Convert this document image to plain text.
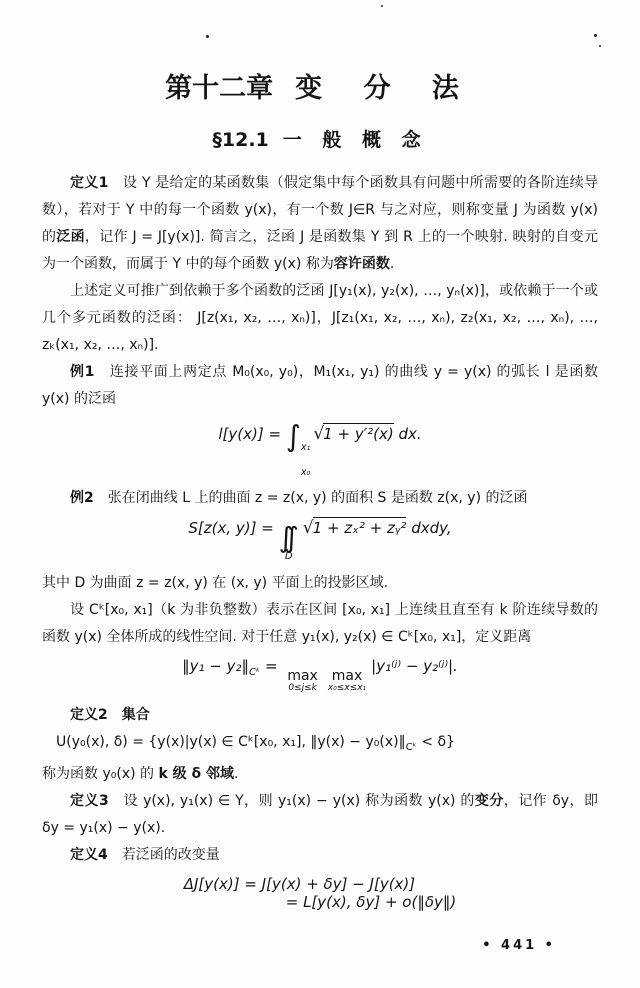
第十二章 变 分 法
§12.1 一 般 概 念

定义1　设 Y 是给定的某函数集（假定集中每个函数具有问题中所需要的各阶连续导数），若对于 Y 中的每一个函数 y(x)，有一个数 J∈R 与之对应，则称变量 J 为函数 y(x) 的泛函，记作 J = J[y(x)]. 简言之，泛函 J 是函数集 Y 到 R 上的一个映射. 映射的自变元为一个函数，而属于 Y 中的每个函数 y(x) 称为容许函数.

上述定义可推广到依赖于多个函数的泛函 J[y₁(x), y₂(x), …, yₙ(x)]，或依赖于一个或几个多元函数的泛函： J[z(x₁, x₂, …, xₙ)]，J[z₁(x₁, x₂, …, xₙ), z₂(x₁, x₂, …, xₙ), …, zₖ(x₁, x₂, …, xₙ)].

例1　连接平面上两定点 M₀(x₀, y₀)，M₁(x₁, y₁) 的曲线 y = y(x) 的弧长 l 是函数 y(x) 的泛函

l[y(x)] = ∫ x₁
x₀
√1 + y′²(x) dx.

例2　张在闭曲线 L 上的曲面 z = z(x, y) 的面积 S 是函数 z(x, y) 的泛函

S[z(x, y)] = ∫∫
D
√1 + zₓ² + zᵧ² dxdy,

其中 D 为曲面 z = z(x, y) 在 (x, y) 平面上的投影区域.

设 Cᵏ[x₀, x₁]（k 为非负整数）表示在区间 [x₀, x₁] 上连续且直至有 k 阶连续导数的函数 y(x) 全体所成的线性空间. 对于任意 y₁(x), y₂(x) ∈ Cᵏ[x₀, x₁]，定义距离

‖y₁ − $y_2‖_{Cᵏ}$ =
max
0≤j≤k
max
x₀≤x≤x₁
|y₁⁽ʲ⁾ − y₂⁽ʲ⁾|.

定义2 集合

U(y₀(x), δ) = {y(x)|y(x) ∈ Cᵏ[x₀, x₁], ‖y(x) − $y_0(x)‖_{Cᵏ} < \delta$}

称为函数 y₀(x) 的 k 级 δ 邻域.

定义3　设 y(x), y₁(x) ∈ Y，则 y₁(x) − y(x) 称为函数 y(x) 的变分，记作 δy，即 δy = y₁(x) − y(x).

定义4　若泛函的改变量

ΔJ[y(x)] = J[y(x) + δy] − J[y(x)]
= L[y(x), δy] + o(‖δy‖)
• 441 •
